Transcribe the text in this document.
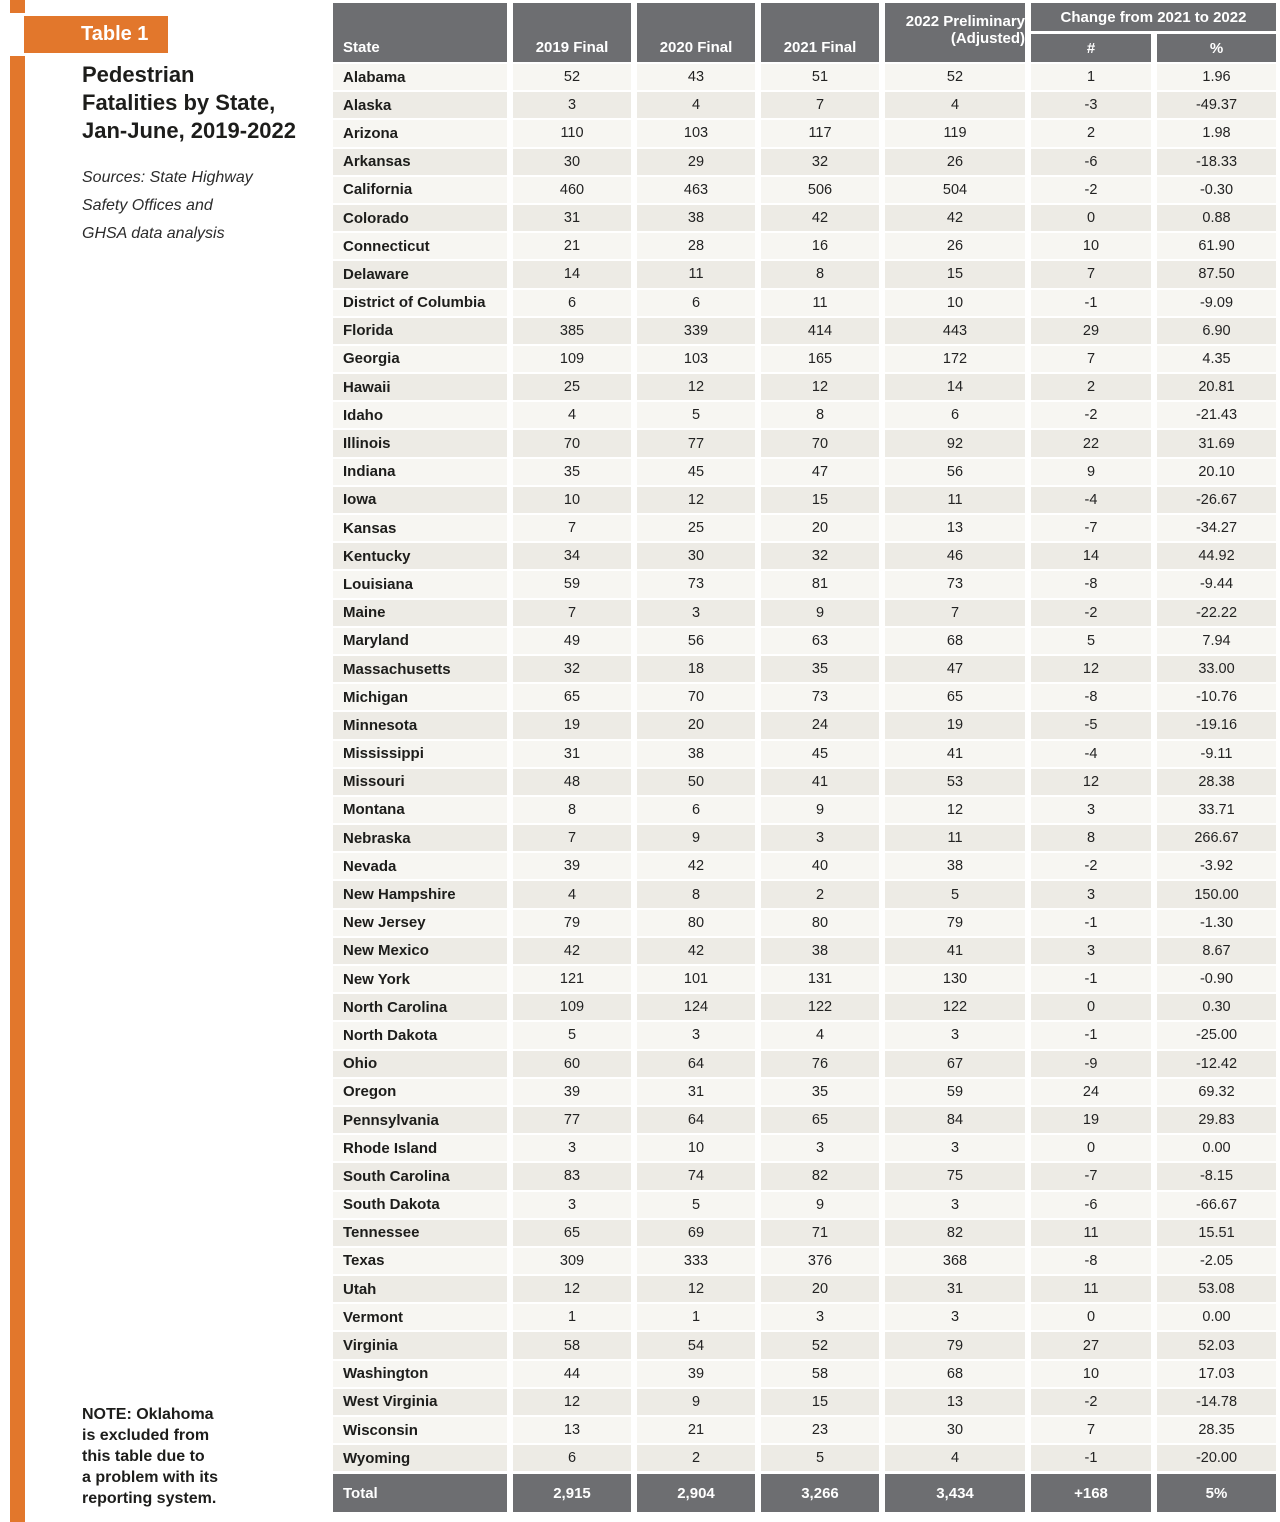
Table 1
Pedestrian
Fatalities by State,
Jan-June, 2019-2022
Sources: State Highway
Safety Offices and
GHSA data analysis
NOTE: Oklahoma
is excluded from
this table due to
a problem with its
reporting system.
State	2019 Final	2020 Final	2021 Final
2022 Preliminary
(Adjusted)
Change from 2021 to 2022
#	%
Alabama	52	43	51	52	1	1.96
Alaska	3	4	7	4	-3	-49.37
Arizona	110	103	117	119	2	1.98
Arkansas	30	29	32	26	-6	-18.33
California	460	463	506	504	-2	-0.30
Colorado	31	38	42	42	0	0.88
Connecticut	21	28	16	26	10	61.90
Delaware	14	11	8	15	7	87.50
District of Columbia	6	6	11	10	-1	-9.09
Florida	385	339	414	443	29	6.90
Georgia	109	103	165	172	7	4.35
Hawaii	25	12	12	14	2	20.81
Idaho	4	5	8	6	-2	-21.43
Illinois	70	77	70	92	22	31.69
Indiana	35	45	47	56	9	20.10
Iowa	10	12	15	11	-4	-26.67
Kansas	7	25	20	13	-7	-34.27
Kentucky	34	30	32	46	14	44.92
Louisiana	59	73	81	73	-8	-9.44
Maine	7	3	9	7	-2	-22.22
Maryland	49	56	63	68	5	7.94
Massachusetts	32	18	35	47	12	33.00
Michigan	65	70	73	65	-8	-10.76
Minnesota	19	20	24	19	-5	-19.16
Mississippi	31	38	45	41	-4	-9.11
Missouri	48	50	41	53	12	28.38
Montana	8	6	9	12	3	33.71
Nebraska	7	9	3	11	8	266.67
Nevada	39	42	40	38	-2	-3.92
New Hampshire	4	8	2	5	3	150.00
New Jersey	79	80	80	79	-1	-1.30
New Mexico	42	42	38	41	3	8.67
New York	121	101	131	130	-1	-0.90
North Carolina	109	124	122	122	0	0.30
North Dakota	5	3	4	3	-1	-25.00
Ohio	60	64	76	67	-9	-12.42
Oregon	39	31	35	59	24	69.32
Pennsylvania	77	64	65	84	19	29.83
Rhode Island	3	10	3	3	0	0.00
South Carolina	83	74	82	75	-7	-8.15
South Dakota	3	5	9	3	-6	-66.67
Tennessee	65	69	71	82	11	15.51
Texas	309	333	376	368	-8	-2.05
Utah	12	12	20	31	11	53.08
Vermont	1	1	3	3	0	0.00
Virginia	58	54	52	79	27	52.03
Washington	44	39	58	68	10	17.03
West Virginia	12	9	15	13	-2	-14.78
Wisconsin	13	21	23	30	7	28.35
Wyoming	6	2	5	4	-1	-20.00
Total	2,915	2,904	3,266	3,434	+168	5%
